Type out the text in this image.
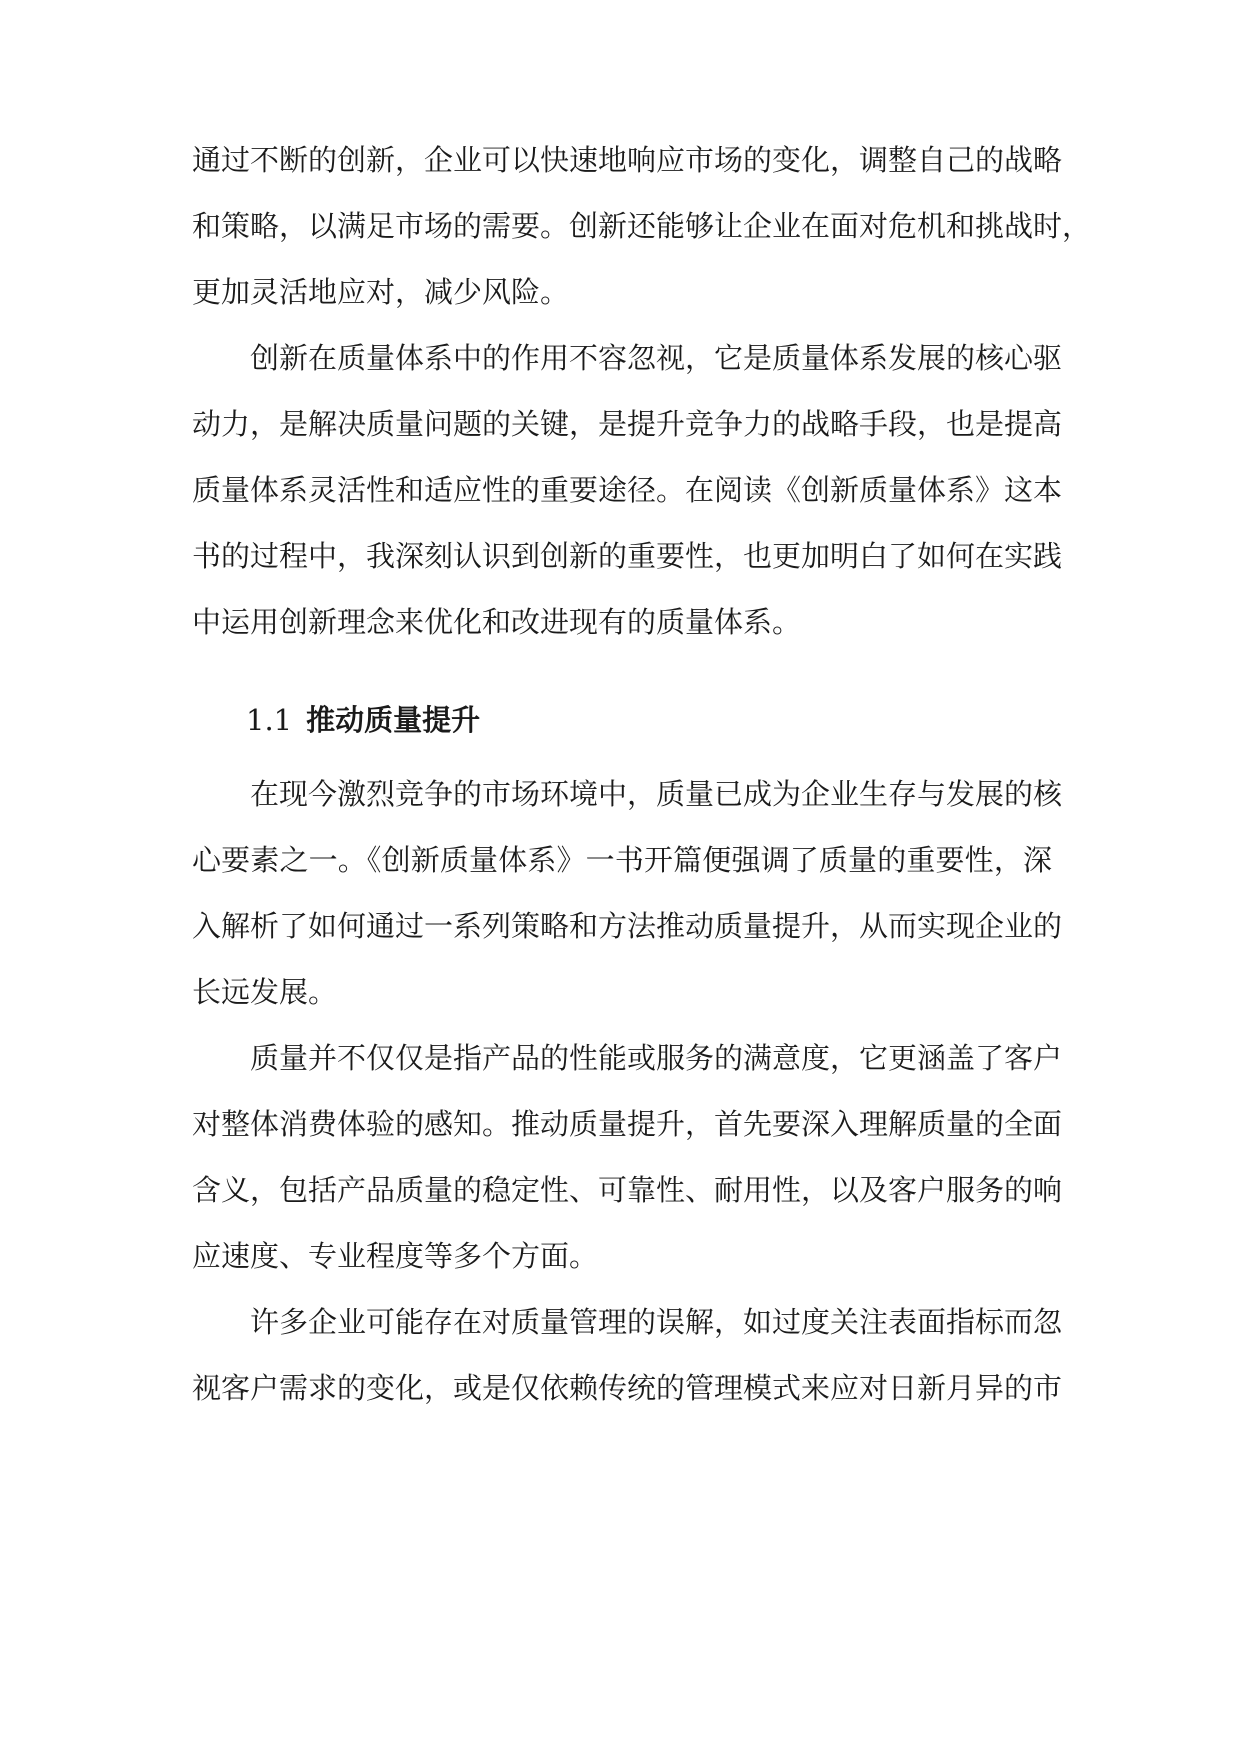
通过不断的创新，企业可以快速地响应市场的变化，调整自己的战略
和策略，以满足市场的需要。创新还能够让企业在面对危机和挑战时，
更加灵活地应对，减少风险。
创新在质量体系中的作用不容忽视，它是质量体系发展的核心驱
动力，是解决质量问题的关键，是提升竞争力的战略手段，也是提高
质量体系灵活性和适应性的重要途径。在阅读《创新质量体系》这本
书的过程中，我深刻认识到创新的重要性，也更加明白了如何在实践
中运用创新理念来优化和改进现有的质量体系。
1.1 推动质量提升
在现今激烈竞争的市场环境中，质量已成为企业生存与发展的核
心要素之一。《创新质量体系》一书开篇便强调了质量的重要性，深
入解析了如何通过一系列策略和方法推动质量提升，从而实现企业的
长远发展。
质量并不仅仅是指产品的性能或服务的满意度，它更涵盖了客户
对整体消费体验的感知。推动质量提升，首先要深入理解质量的全面
含义，包括产品质量的稳定性、可靠性、耐用性，以及客户服务的响
应速度、专业程度等多个方面。
许多企业可能存在对质量管理的误解，如过度关注表面指标而忽
视客户需求的变化，或是仅依赖传统的管理模式来应对日新月异的市
